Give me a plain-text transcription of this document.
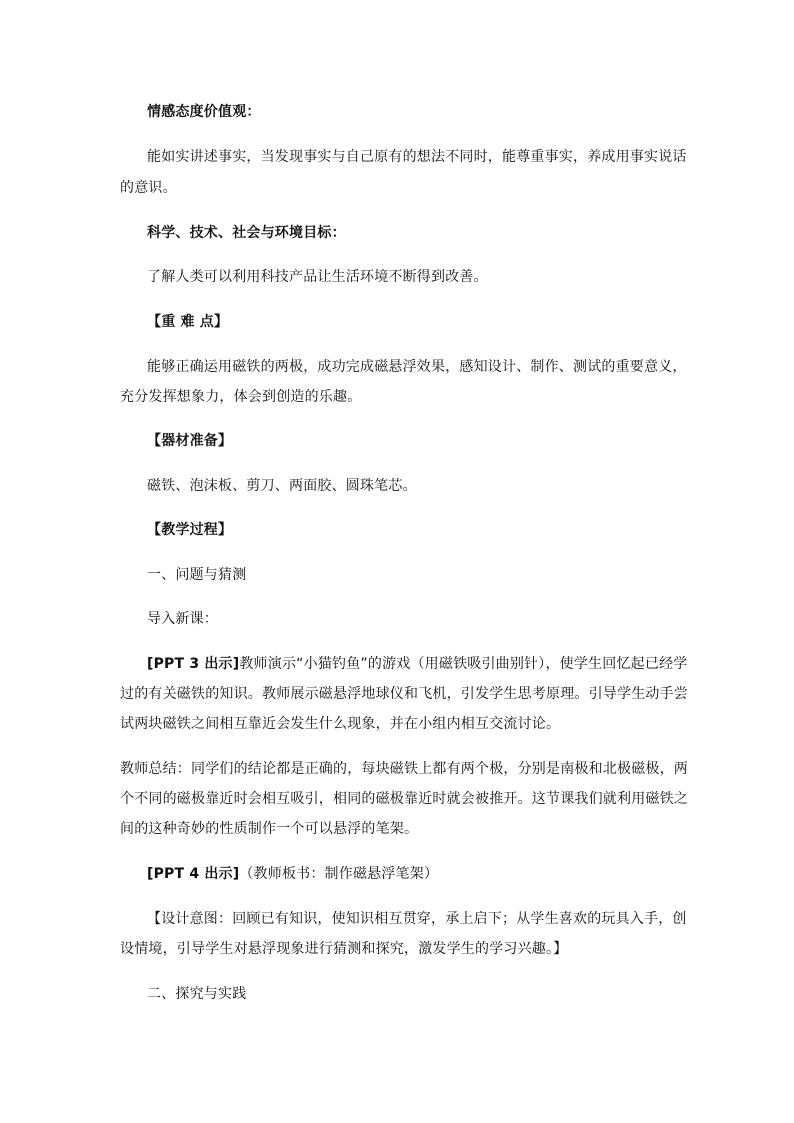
情感态度价值观：
能如实讲述事实，当发现事实与自己原有的想法不同时，能尊重事实，养成用事实说话
的意识。
科学、技术、社会与环境目标：
了解人类可以利用科技产品让生活环境不断得到改善。
【重 难 点】
能够正确运用磁铁的两极，成功完成磁悬浮效果，感知设计、制作、测试的重要意义，
充分发挥想象力，体会到创造的乐趣。
【器材准备】
磁铁、泡沫板、剪刀、两面胶、圆珠笔芯。
【教学过程】
一、问题与猜测
导入新课：
[PPT 3 出示]教师演示“小猫钓鱼”的游戏（用磁铁吸引曲别针），使学生回忆起已经学
过的有关磁铁的知识。教师展示磁悬浮地球仪和飞机，引发学生思考原理。引导学生动手尝
试两块磁铁之间相互靠近会发生什么现象，并在小组内相互交流讨论。
教师总结：同学们的结论都是正确的，每块磁铁上都有两个极，分别是南极和北极磁极，两
个不同的磁极靠近时会相互吸引，相同的磁极靠近时就会被推开。这节课我们就利用磁铁之
间的这种奇妙的性质制作一个可以悬浮的笔架。
[PPT 4 出示]（教师板书：制作磁悬浮笔架）
【设计意图：回顾已有知识，使知识相互贯穿，承上启下；从学生喜欢的玩具入手，创
设情境，引导学生对悬浮现象进行猜测和探究，激发学生的学习兴趣。】
二、探究与实践
